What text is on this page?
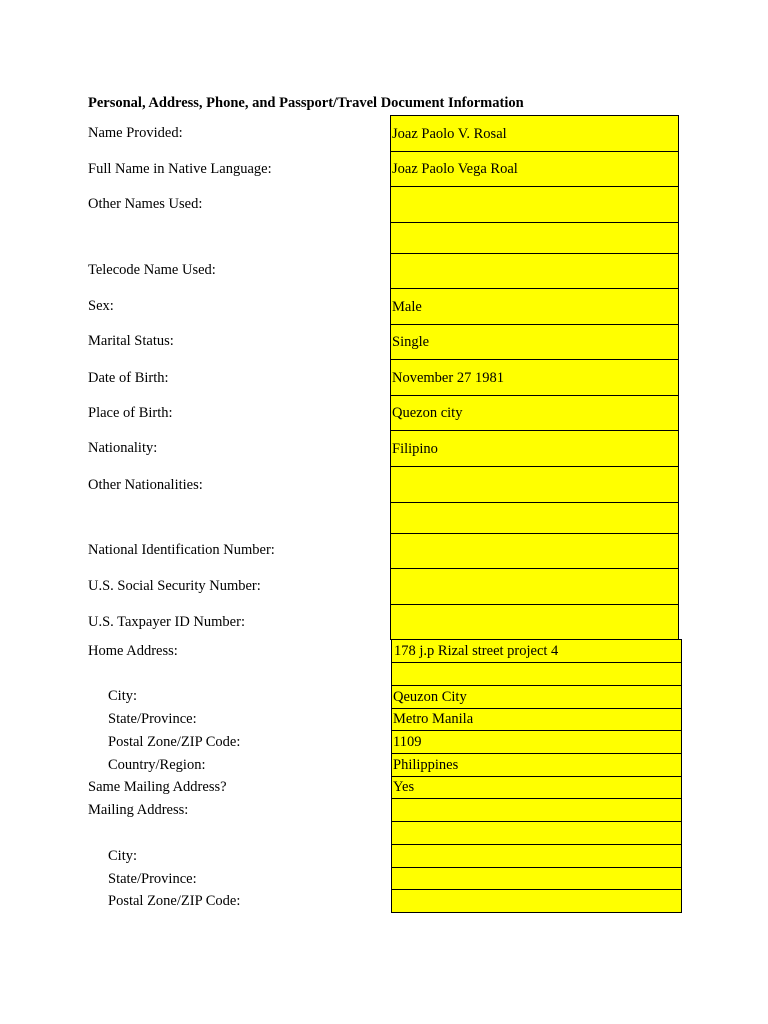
Personal, Address, Phone, and Passport/Travel Document Information
Name Provided:
Full Name in Native Language:
Other Names Used:
Telecode Name Used:
Sex:
Marital Status:
Date of Birth:
Place of Birth:
Nationality:
Other Nationalities:
National Identification Number:
U.S. Social Security Number:
U.S. Taxpayer ID Number:
Home Address:
City:
State/Province:
Postal Zone/ZIP Code:
Country/Region:
Same Mailing Address?
Mailing Address:
City:
State/Province:
Postal Zone/ZIP Code:
Joaz Paolo V. Rosal
Joaz Paolo Vega Roal
Male
Single
November 27 1981
Quezon city
Filipino
178 j.p Rizal street project 4
Qeuzon City
Metro Manila
1109
Philippines
Yes
